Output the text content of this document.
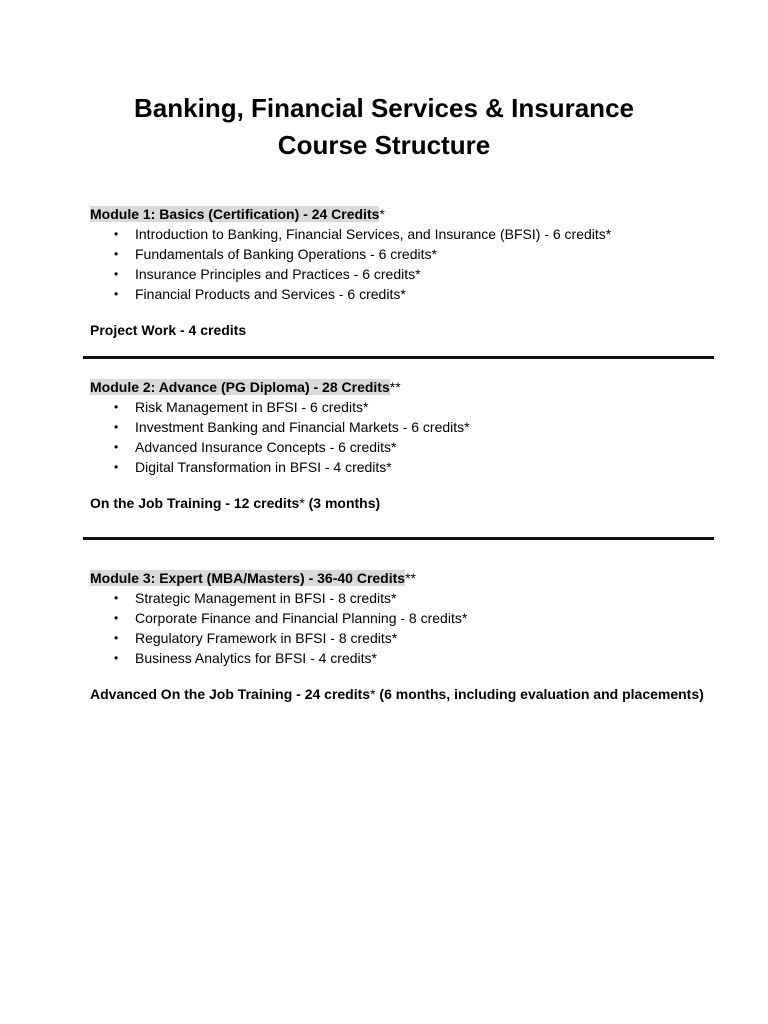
Banking, Financial Services & Insurance
Course Structure
Module 1: Basics (Certification) - 24 Credits*
• Introduction to Banking, Financial Services, and Insurance (BFSI) - 6 credits*
• Fundamentals of Banking Operations - 6 credits*
• Insurance Principles and Practices - 6 credits*
• Financial Products and Services - 6 credits*
Project Work - 4 credits
Module 2: Advance (PG Diploma) - 28 Credits**
• Risk Management in BFSI - 6 credits*
• Investment Banking and Financial Markets - 6 credits*
• Advanced Insurance Concepts - 6 credits*
• Digital Transformation in BFSI - 4 credits*
On the Job Training - 12 credits* (3 months)
Module 3: Expert (MBA/Masters) - 36-40 Credits**
• Strategic Management in BFSI - 8 credits*
• Corporate Finance and Financial Planning - 8 credits*
• Regulatory Framework in BFSI - 8 credits*
• Business Analytics for BFSI - 4 credits*
Advanced On the Job Training - 24 credits* (6 months, including evaluation and placements)
